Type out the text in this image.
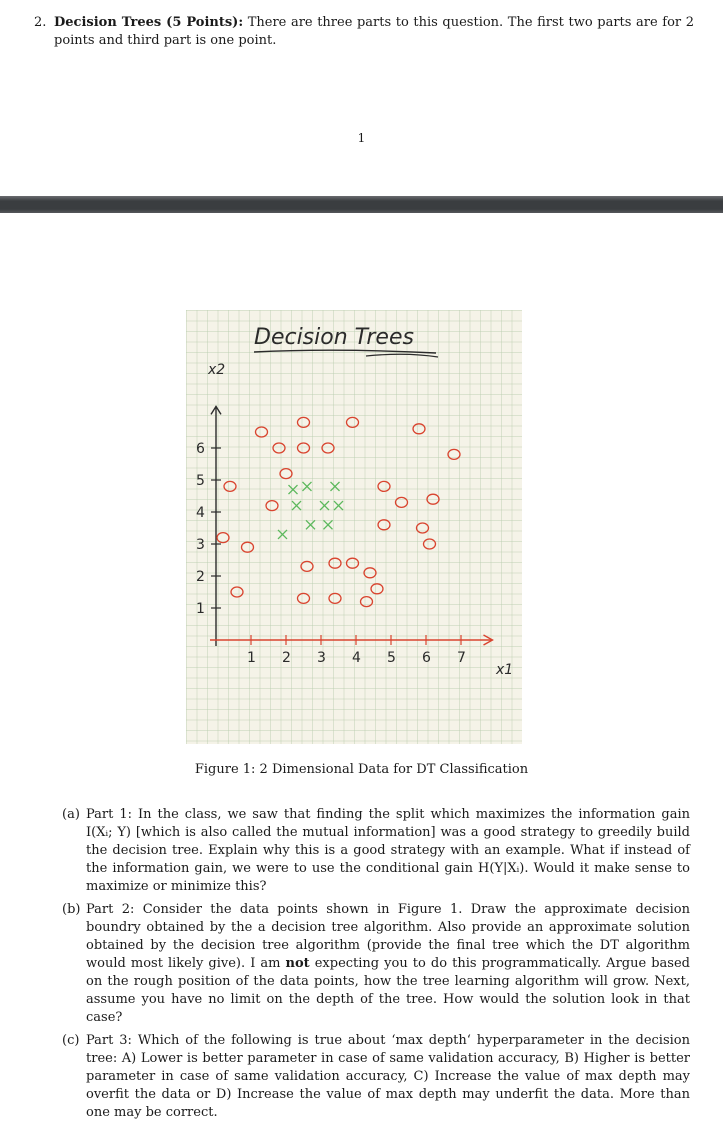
2. Decision Trees (5 Points): There are three parts to this question. The first two parts are for 2 points and third part is one point.
1
Decision Trees
x2
x1
1
2
3
4
5
6
1 2 3 4 5 6 7
Figure 1: 2 Dimensional Data for DT Classification
(a) Part 1: In the class, we saw that finding the split which maximizes the information gain I(Xᵢ; Y) [which is also called the mutual information] was a good strategy to greedily build the decision tree. Explain why this is a good strategy with an example. What if instead of the information gain, we were to use the conditional gain H(Y|Xᵢ). Would it make sense to maximize or minimize this?
(b) Part 2: Consider the data points shown in Figure 1. Draw the approximate decision boundry obtained by the a decision tree algorithm. Also provide an approximate solution obtained by the decision tree algorithm (provide the final tree which the DT algorithm would most likely give). I am not expecting you to do this programmatically. Argue based on the rough position of the data points, how the tree learning algorithm will grow. Next, assume you have no limit on the depth of the tree. How would the solution look in that case?
(c) Part 3: Which of the following is true about ‘max depth‘ hyperparameter in the decision tree: A) Lower is better parameter in case of same validation accuracy, B) Higher is better parameter in case of same validation accuracy, C) Increase the value of max depth may overfit the data or D) Increase the value of max depth may underfit the data. More than one may be correct.
